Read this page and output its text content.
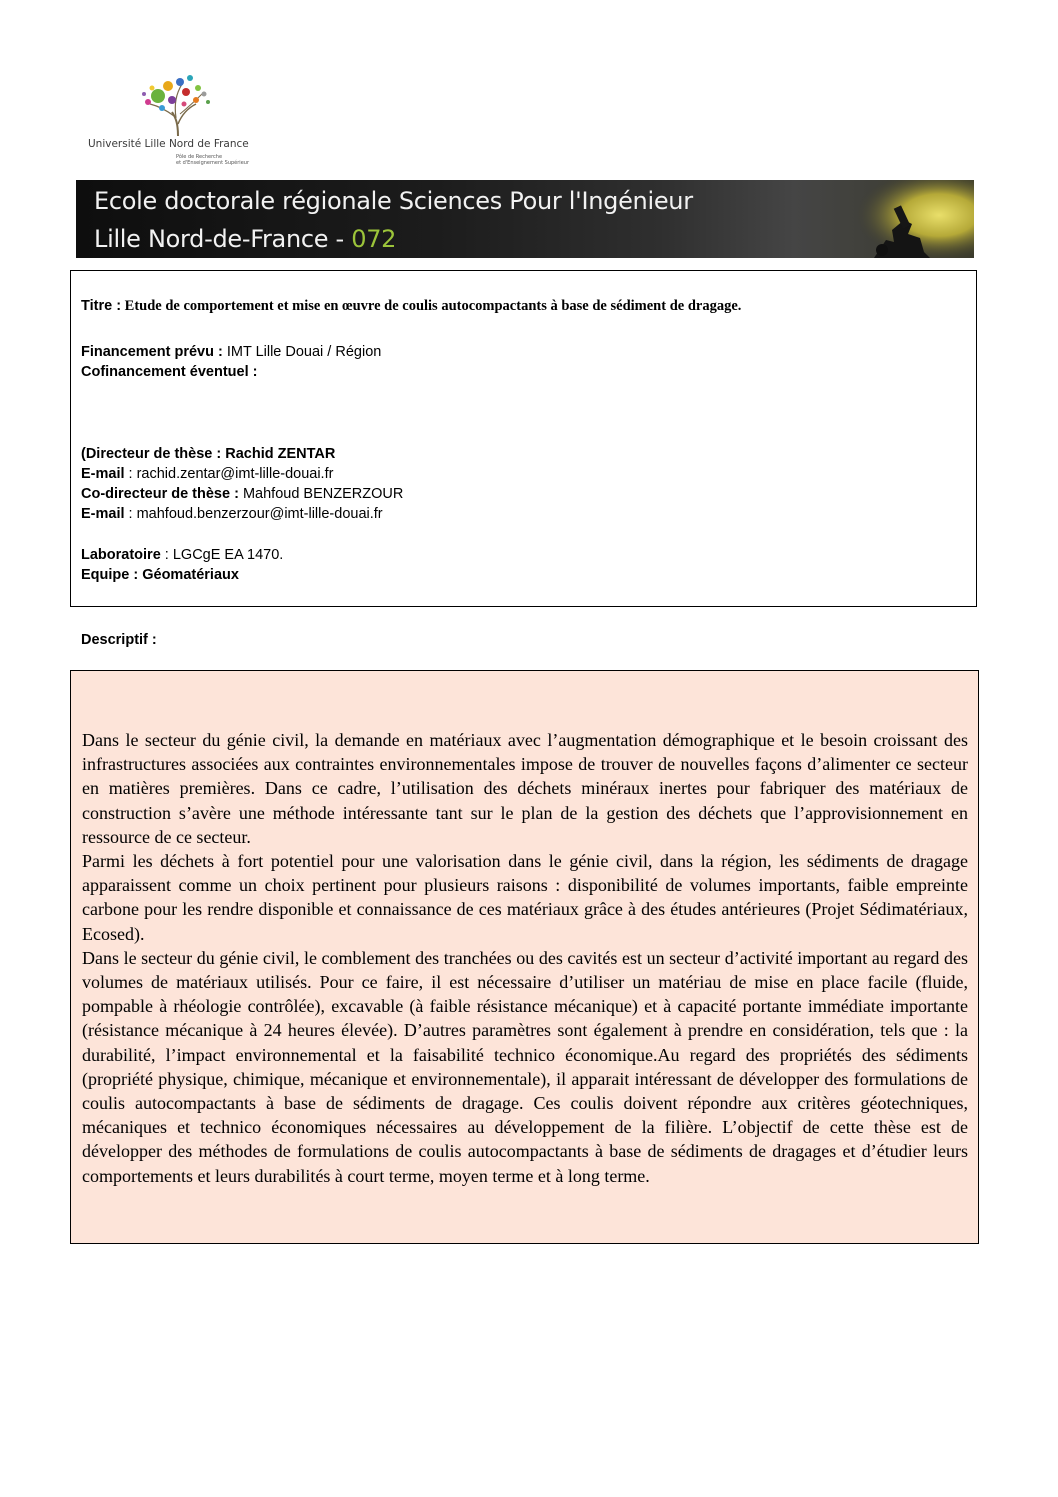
Université Lille Nord de France
Pôle de Recherche
et d'Enseignement Supérieur
Ecole doctorale régionale Sciences Pour l'Ingénieur
Lille Nord-de-France - 072
Titre : Etude de comportement et mise en œuvre de coulis autocompactants à base de sédiment de dragage.
Financement prévu : IMT Lille Douai / Région
Cofinancement éventuel :
(Directeur de thèse : Rachid ZENTAR
E-mail : rachid.zentar@imt-lille-douai.fr
Co-directeur de thèse : Mahfoud BENZERZOUR
E-mail : mahfoud.benzerzour@imt-lille-douai.fr
Laboratoire : LGCgE EA 1470.
Equipe : Géomatériaux
Descriptif :

Dans le secteur du génie civil, la demande en matériaux avec l’augmentation démographique et le besoin croissant des infrastructures associées aux contraintes environnementales impose de trouver de nouvelles façons d’alimenter ce secteur en matières premières. Dans ce cadre, l’utilisation des déchets minéraux inertes pour fabriquer des matériaux de construction s’avère une méthode intéressante tant sur le plan de la gestion des déchets que l’approvisionnement en ressource de ce secteur.

Parmi les déchets à fort potentiel pour une valorisation dans le génie civil, dans la région, les sédiments de dragage apparaissent comme un choix pertinent pour plusieurs raisons : disponibilité de volumes importants, faible empreinte carbone pour les rendre disponible et connaissance de ces matériaux grâce à des études antérieures (Projet Sédimatériaux, Ecosed).

Dans le secteur du génie civil, le comblement des tranchées ou des cavités est un secteur d’activité important au regard des volumes de matériaux utilisés. Pour ce faire, il est nécessaire d’utiliser un matériau de mise en place facile (fluide, pompable à rhéologie contrôlée), excavable (à faible résistance mécanique) et à capacité portante immédiate importante (résistance mécanique à 24 heures élevée). D’autres paramètres sont également à prendre en considération, tels que : la durabilité, l’impact environnemental et la faisabilité technico économique.Au regard des propriétés des sédiments (propriété physique, chimique, mécanique et environnementale), il apparait intéressant de développer des formulations de coulis autocompactants à base de sédiments de dragage. Ces coulis doivent répondre aux critères géotechniques, mécaniques et technico économiques nécessaires au développement de la filière. L’objectif de cette thèse est de développer des méthodes de formulations de coulis autocompactants à base de sédiments de dragages et d’étudier leurs comportements et leurs durabilités à court terme, moyen terme et à long terme.
